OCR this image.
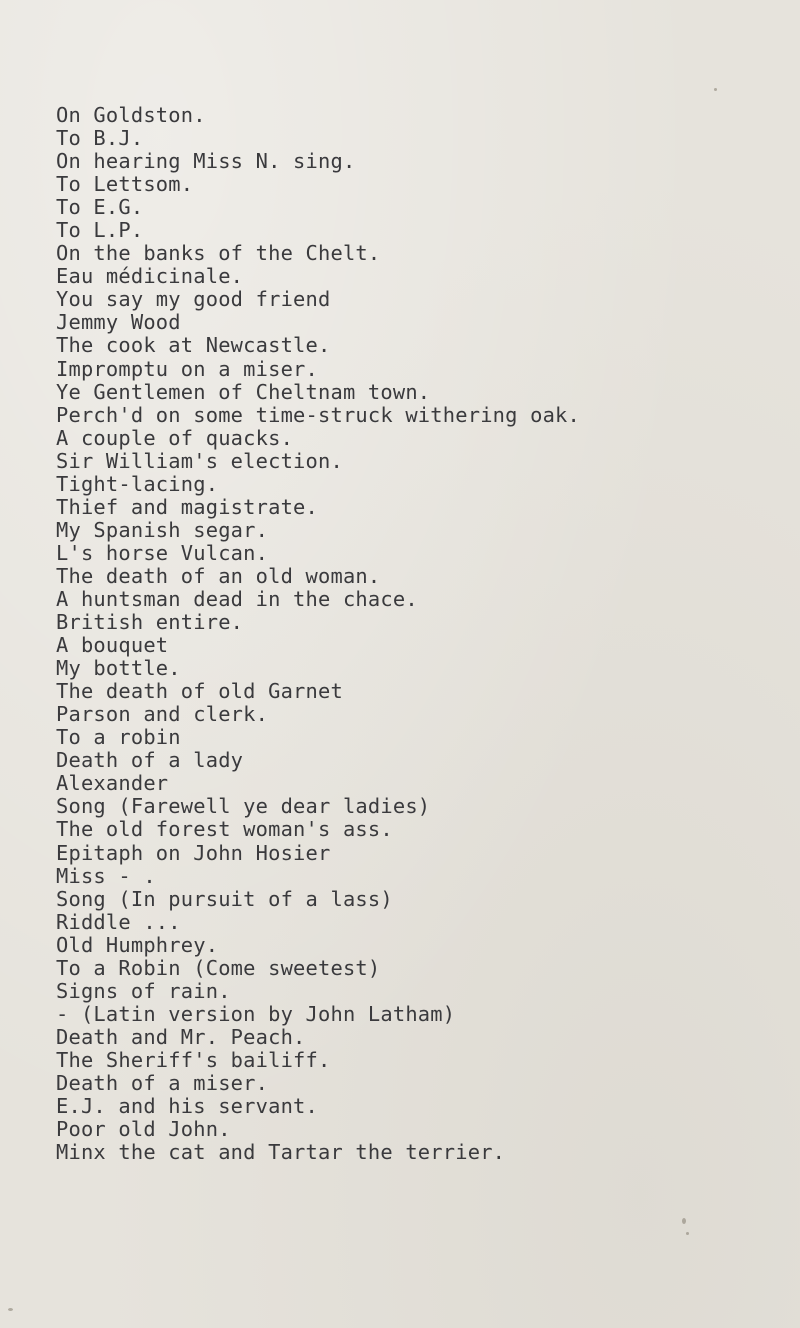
On Goldston.
To B.J.
On hearing Miss N. sing.
To Lettsom.
To E.G.
To L.P.
On the banks of the Chelt.
Eau médicinale.
You say my good friend
Jemmy Wood
The cook at Newcastle.
Impromptu on a miser.
Ye Gentlemen of Cheltnam town.
Perch'd on some time-struck withering oak.
A couple of quacks.
Sir William's election.
Tight-lacing.
Thief and magistrate.
My Spanish segar.
L's horse Vulcan.
The death of an old woman.
A huntsman dead in the chace.
British entire.
A bouquet
My bottle.
The death of old Garnet
Parson and clerk.
To a robin
Death of a lady
Alexander
Song (Farewell ye dear ladies)
The old forest woman's ass.
Epitaph on John Hosier
Miss - .
Song (In pursuit of a lass)
Riddle ...
Old Humphrey.
To a Robin (Come sweetest)
Signs of rain.
- (Latin version by John Latham)
Death and Mr. Peach.
The Sheriff's bailiff.
Death of a miser.
E.J. and his servant.
Poor old John.
Minx the cat and Tartar the terrier.
